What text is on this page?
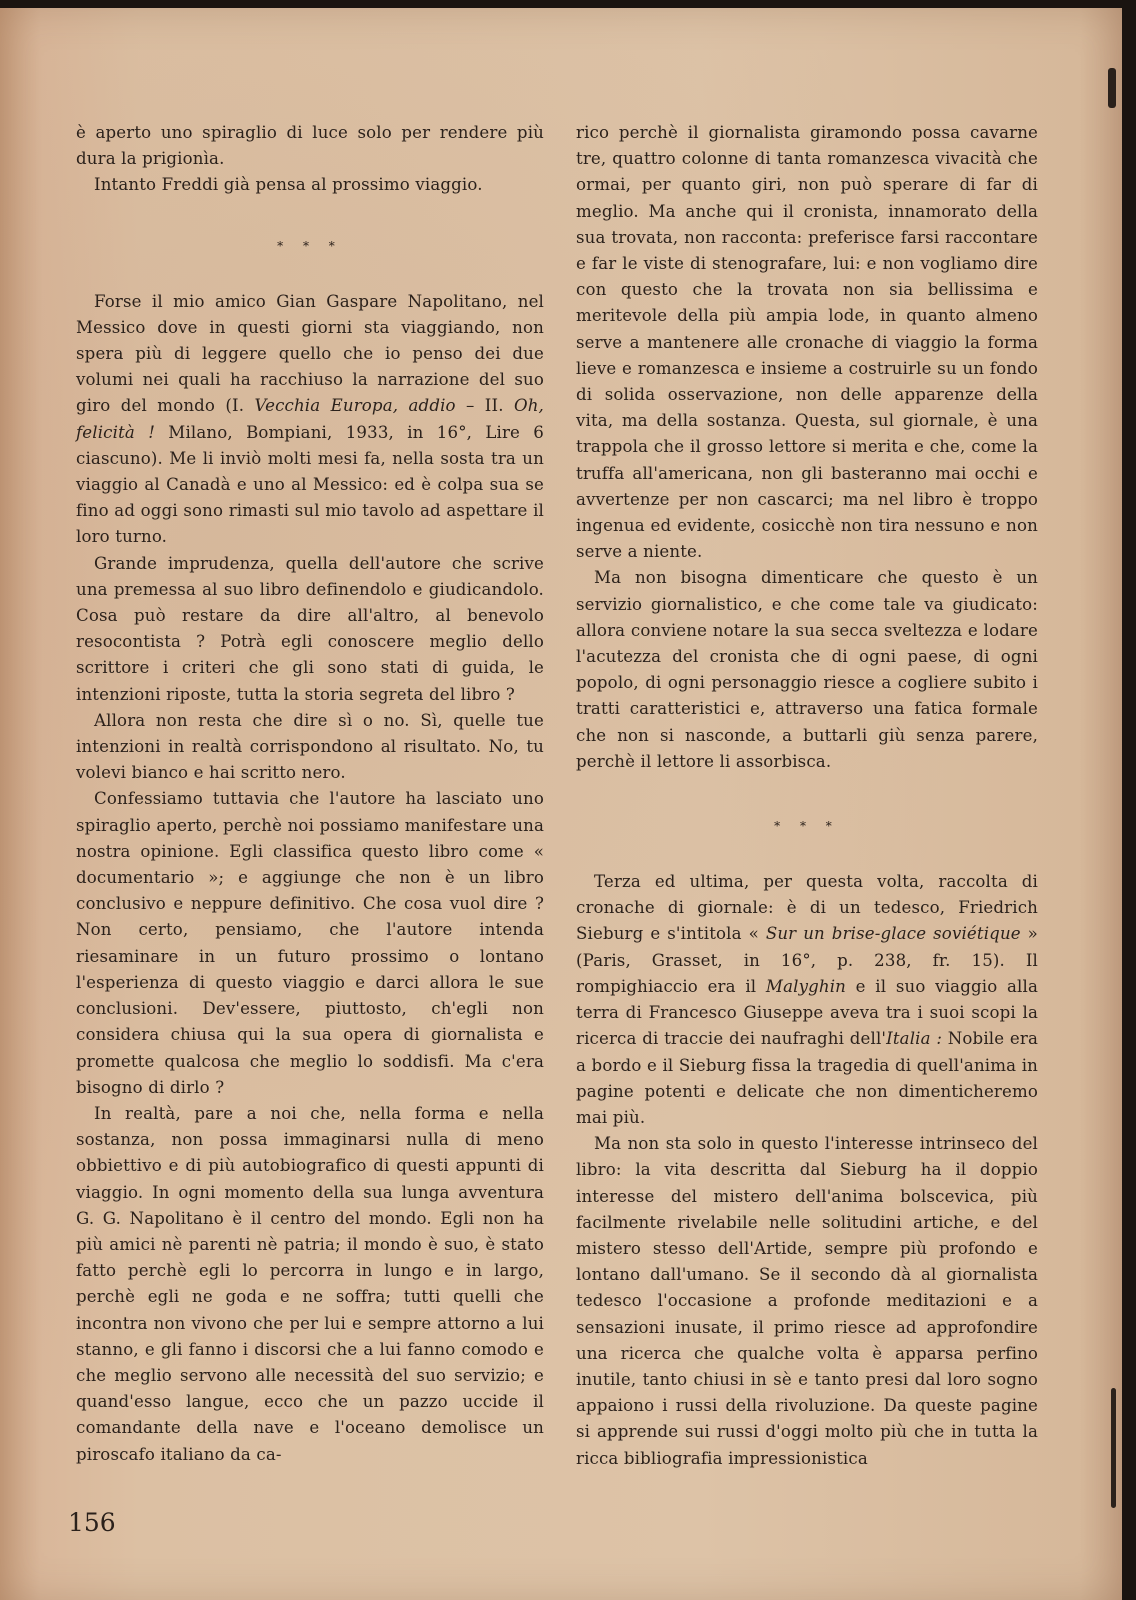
è aperto uno spiraglio di luce solo per rendere più dura la prigionìa.

Intanto Freddi già pensa al prossimo viaggio.

* * *

Forse il mio amico Gian Gaspare Napolitano, nel Messico dove in questi giorni sta viaggiando, non spera più di leggere quello che io penso dei due volumi nei quali ha racchiuso la narrazione del suo giro del mondo (I. Vecchia Europa, addio – II. Oh, felicità ! Milano, Bompiani, 1933, in 16°, Lire 6 ciascuno). Me li inviò molti mesi fa, nella sosta tra un viaggio al Canadà e uno al Messico: ed è colpa sua se fino ad oggi sono rimasti sul mio tavolo ad aspettare il loro turno.

Grande imprudenza, quella dell'autore che scrive una premessa al suo libro definendolo e giudicandolo. Cosa può restare da dire all'altro, al benevolo resocontista ? Potrà egli conoscere meglio dello scrittore i criteri che gli sono stati di guida, le intenzioni riposte, tutta la storia segreta del libro ?

Allora non resta che dire sì o no. Sì, quelle tue intenzioni in realtà corrispondono al risultato. No, tu volevi bianco e hai scritto nero.

Confessiamo tuttavia che l'autore ha lasciato uno spiraglio aperto, perchè noi possiamo manifestare una nostra opinione. Egli classifica questo libro come « documentario »; e aggiunge che non è un libro conclusivo e neppure definitivo. Che cosa vuol dire ? Non certo, pensiamo, che l'autore intenda riesaminare in un futuro prossimo o lontano l'esperienza di questo viaggio e darci allora le sue conclusioni. Dev'essere, piuttosto, ch'egli non considera chiusa qui la sua opera di giornalista e promette qualcosa che meglio lo soddisfi. Ma c'era bisogno di dirlo ?

In realtà, pare a noi che, nella forma e nella sostanza, non possa immaginarsi nulla di meno obbiettivo e di più autobiografico di questi appunti di viaggio. In ogni momento della sua lunga avventura G. G. Napolitano è il centro del mondo. Egli non ha più amici nè parenti nè patria; il mondo è suo, è stato fatto perchè egli lo percorra in lungo e in largo, perchè egli ne goda e ne soffra; tutti quelli che incontra non vivono che per lui e sempre attorno a lui stanno, e gli fanno i discorsi che a lui fanno comodo e che meglio servono alle necessità del suo servizio; e quand'esso langue, ecco che un pazzo uccide il comandante della nave e l'oceano demolisce un piroscafo italiano da ca-

rico perchè il giornalista giramondo possa cavarne tre, quattro colonne di tanta romanzesca vivacità che ormai, per quanto giri, non può sperare di far di meglio. Ma anche qui il cronista, innamorato della sua trovata, non racconta: preferisce farsi raccontare e far le viste di stenografare, lui: e non vogliamo dire con questo che la trovata non sia bellissima e meritevole della più ampia lode, in quanto almeno serve a mantenere alle cronache di viaggio la forma lieve e romanzesca e insieme a costruirle su un fondo di solida osservazione, non delle apparenze della vita, ma della sostanza. Questa, sul giornale, è una trappola che il grosso lettore si merita e che, come la truffa all'americana, non gli basteranno mai occhi e avvertenze per non cascarci; ma nel libro è troppo ingenua ed evidente, cosicchè non tira nessuno e non serve a niente.

Ma non bisogna dimenticare che questo è un servizio giornalistico, e che come tale va giudicato: allora conviene notare la sua secca sveltezza e lodare l'acutezza del cronista che di ogni paese, di ogni popolo, di ogni personaggio riesce a cogliere subito i tratti caratteristici e, attraverso una fatica formale che non si nasconde, a buttarli giù senza parere, perchè il lettore li assorbisca.

* * *

Terza ed ultima, per questa volta, raccolta di cronache di giornale: è di un tedesco, Friedrich Sieburg e s'intitola « Sur un brise-glace soviétique » (Paris, Grasset, in 16°, p. 238, fr. 15). Il rompighiaccio era il Malyghin e il suo viaggio alla terra di Francesco Giuseppe aveva tra i suoi scopi la ricerca di traccie dei naufraghi dell'Italia : Nobile era a bordo e il Sieburg fissa la tragedia di quell'anima in pagine potenti e delicate che non dimenticheremo mai più.

Ma non sta solo in questo l'interesse intrinseco del libro: la vita descritta dal Sieburg ha il doppio interesse del mistero dell'anima bolscevica, più facilmente rivelabile nelle solitudini artiche, e del mistero stesso dell'Artide, sempre più profondo e lontano dall'umano. Se il secondo dà al giornalista tedesco l'occasione a profonde meditazioni e a sensazioni inusate, il primo riesce ad approfondire una ricerca che qualche volta è apparsa perfino inutile, tanto chiusi in sè e tanto presi dal loro sogno appaiono i russi della rivoluzione. Da queste pagine si apprende sui russi d'oggi molto più che in tutta la ricca bibliografia impressionistica

156
